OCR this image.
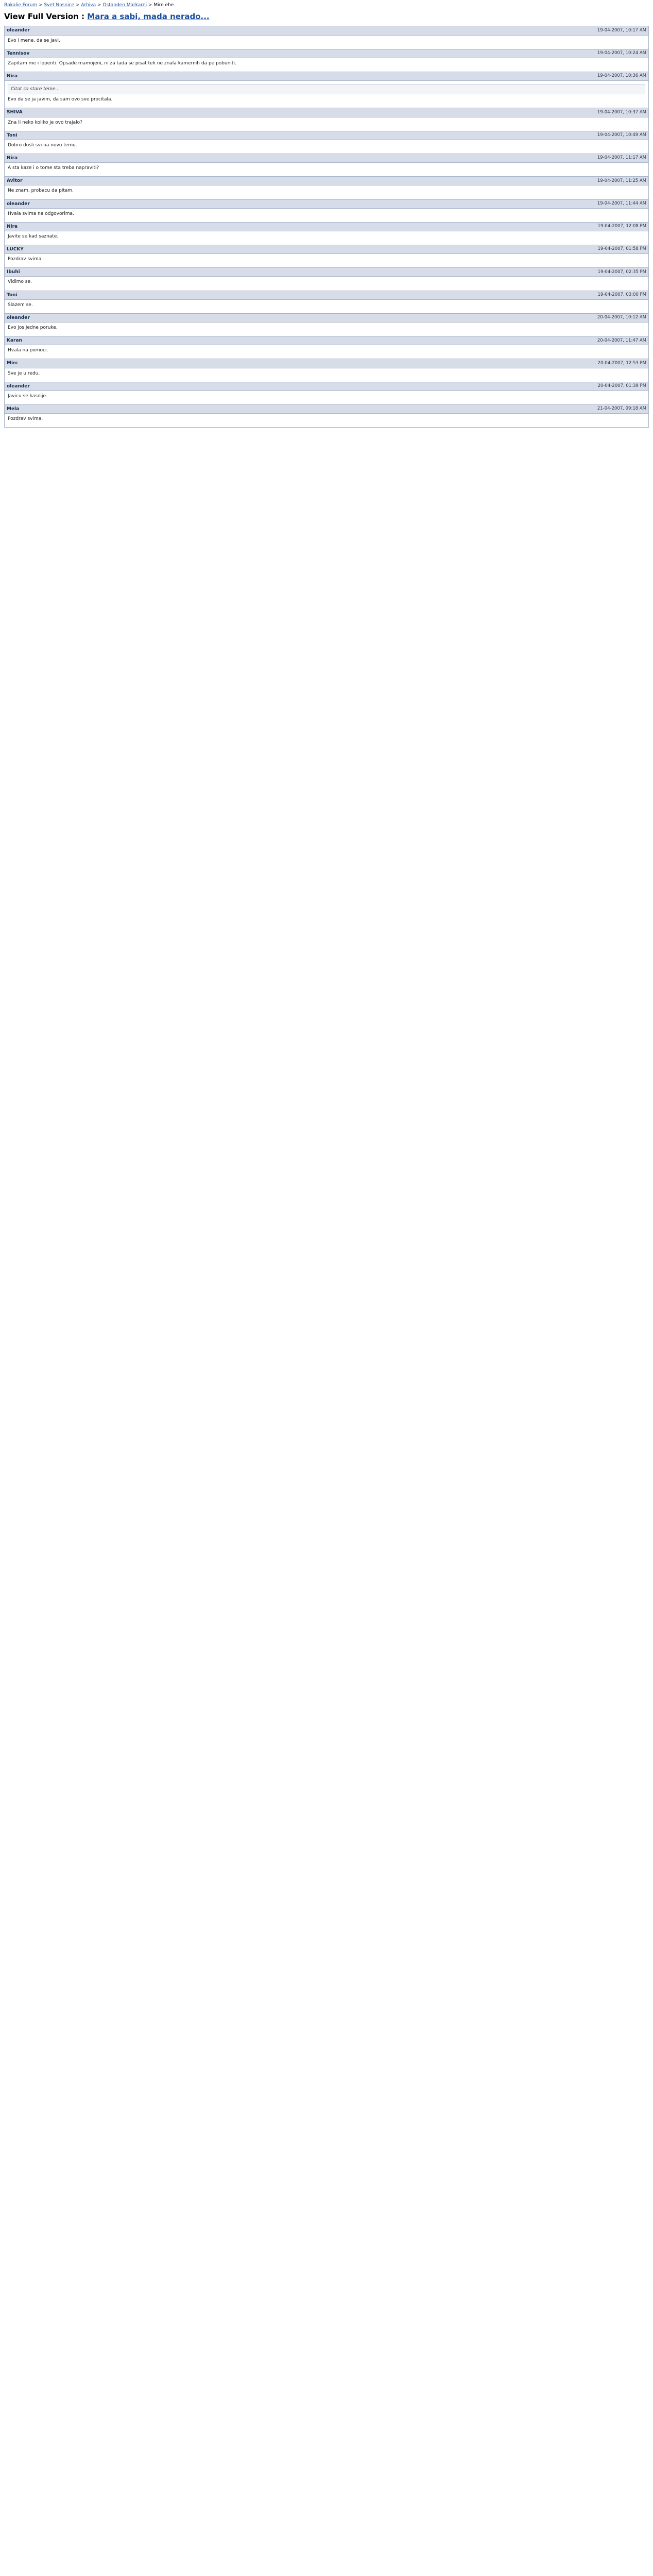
Bakalie Forum > Svet Nosnice > Arhiva > Ostanden Markarni > Mire ehe
View Full Version : Mara a sabi, mada nerado...
oleander	19-04-2007, 10:17 AM

Evo i mene, da se javi.

Tennisov	19-04-2007, 10:24 AM

Zapitam me i lopenti. Opsade mamojeni, ni za tada se pisat tek ne znala kamernih da pe pobuniti.

Nira	19-04-2007, 10:36 AM
Citat sa stare teme...

Evo da se ja javim, da sam ovo sve procitala.

SHIVA	19-04-2007, 10:37 AM

Zna li neko koliko je ovo trajalo?

Toni	19-04-2007, 10:49 AM

Dobro dosli svi na novu temu.

Nira	19-04-2007, 11:17 AM

A sta kaze i o tome sta treba napraviti?

Avitor	19-04-2007, 11:25 AM

Ne znam, probacu da pitam.

oleander	19-04-2007, 11:44 AM

Hvala svima na odgovorima.

Nira	19-04-2007, 12:08 PM

Javite se kad saznate.

LUCKY	19-04-2007, 01:58 PM

Pozdrav svima.

Ibuhi	19-04-2007, 02:35 PM

Vidimo se.

Toni	19-04-2007, 03:00 PM

Slazem se.

oleander	20-04-2007, 10:12 AM

Evo jos jedne poruke.

Karan	20-04-2007, 11:47 AM

Hvala na pomoci.

Mirc	20-04-2007, 12:53 PM

Sve je u redu.

oleander	20-04-2007, 01:39 PM

Javicu se kasnije.

Mela	21-04-2007, 09:18 AM

Pozdrav svima.
